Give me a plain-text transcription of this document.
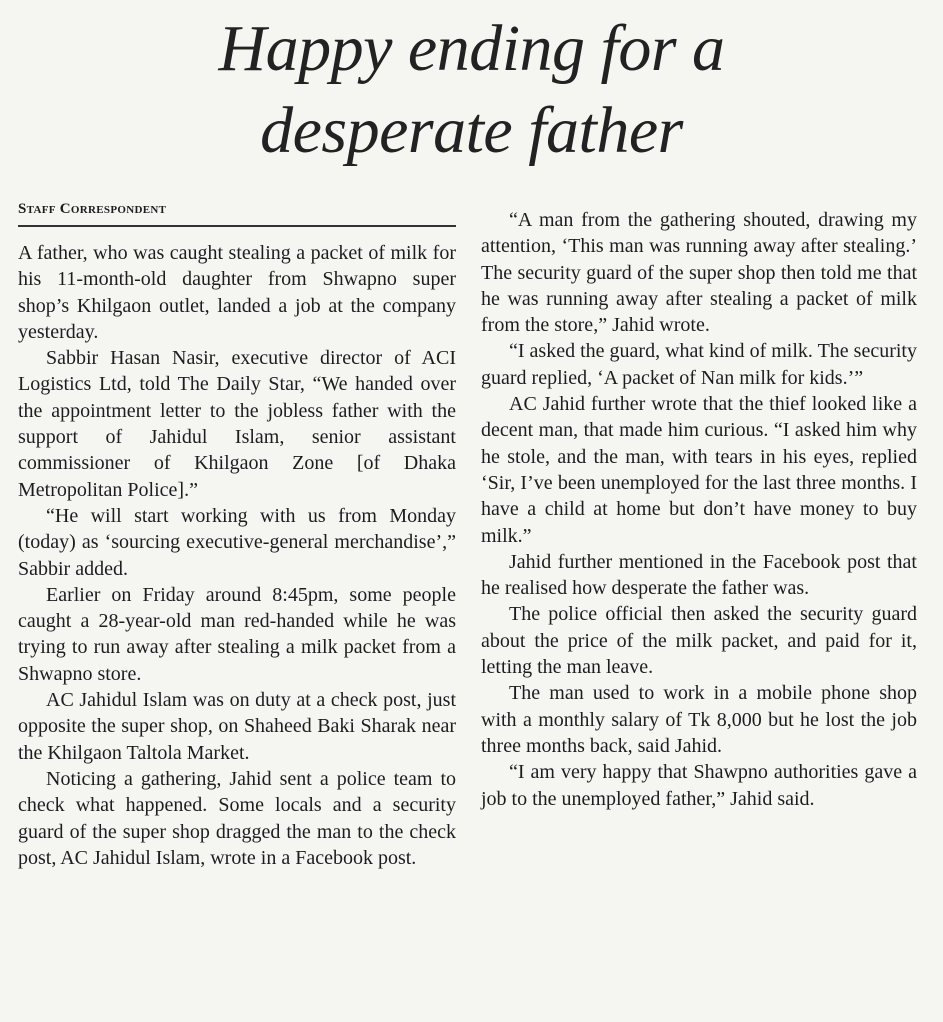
Happy ending for a
desperate father
Staff Correspondent

A father, who was caught stealing a packet of milk for his 11-month-old daughter from Shwapno super shop’s Khilgaon outlet, landed a job at the company yesterday.

Sabbir Hasan Nasir, executive director of ACI Logistics Ltd, told The Daily Star, “We handed over the appointment letter to the jobless father with the support of Jahidul Islam, senior assistant commissioner of Khilgaon Zone [of Dhaka Metropolitan Police].”

“He will start working with us from Monday (today) as ‘sourcing executive-general merchandise’,” Sabbir added.

Earlier on Friday around 8:45pm, some people caught a 28-year-old man red-handed while he was trying to run away after stealing a milk packet from a Shwapno store.

AC Jahidul Islam was on duty at a check post, just opposite the super shop, on Shaheed Baki Sharak near the Khilgaon Taltola Market.

Noticing a gathering, Jahid sent a police team to check what happened. Some locals and a security guard of the super shop dragged the man to the check post, AC Jahidul Islam, wrote in a Facebook post.

“A man from the gathering shouted, drawing my attention, ‘This man was running away after stealing.’ The security guard of the super shop then told me that he was running away after stealing a packet of milk from the store,” Jahid wrote.

“I asked the guard, what kind of milk. The security guard replied, ‘A packet of Nan milk for kids.’”

AC Jahid further wrote that the thief looked like a decent man, that made him curious. “I asked him why he stole, and the man, with tears in his eyes, replied ‘Sir, I’ve been unemployed for the last three months. I have a child at home but don’t have money to buy milk.”

Jahid further mentioned in the Facebook post that he realised how desperate the father was.

The police official then asked the security guard about the price of the milk packet, and paid for it, letting the man leave.

The man used to work in a mobile phone shop with a monthly salary of Tk 8,000 but he lost the job three months back, said Jahid.

“I am very happy that Shawpno authorities gave a job to the unemployed father,” Jahid said.
